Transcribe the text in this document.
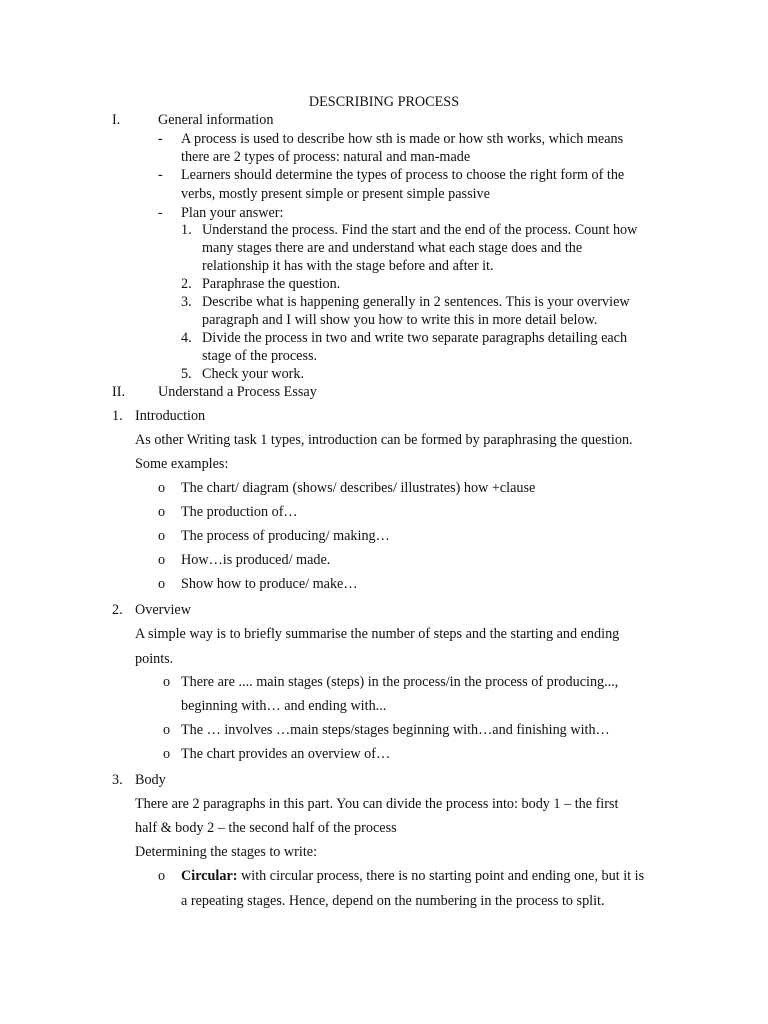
DESCRIBING PROCESS
I.	General information
- A process is used to describe how sth is made or how sth works, which means
there are 2 types of process: natural and man-made
- Learners should determine the types of process to choose the right form of the
verbs, mostly present simple or present simple passive
- Plan your answer:
1. Understand the process. Find the start and the end of the process. Count how
many stages there are and understand what each stage does and the
relationship it has with the stage before and after it.
2. Paraphrase the question.
3. Describe what is happening generally in 2 sentences. This is your overview
paragraph and I will show you how to write this in more detail below.
4. Divide the process in two and write two separate paragraphs detailing each
stage of the process.
5. Check your work.
II. Understand a Process Essay
1. Introduction
As other Writing task 1 types, introduction can be formed by paraphrasing the question.
Some examples:
o The chart/ diagram (shows/ describes/ illustrates) how +clause
o The production of…
o The process of producing/ making…
o How…is produced/ made.
o Show how to produce/ make…
2. Overview
A simple way is to briefly summarise the number of steps and the starting and ending
points.
o There are .... main stages (steps) in the process/in the process of producing...,
beginning with… and ending with...
o The … involves …main steps/stages beginning with…and finishing with…
o The chart provides an overview of…
3. Body
There are 2 paragraphs in this part. You can divide the process into: body 1 – the first
half & body 2 – the second half of the process
Determining the stages to write:
o Circular: with circular process, there is no starting point and ending one, but it is
a repeating stages. Hence, depend on the numbering in the process to split.
